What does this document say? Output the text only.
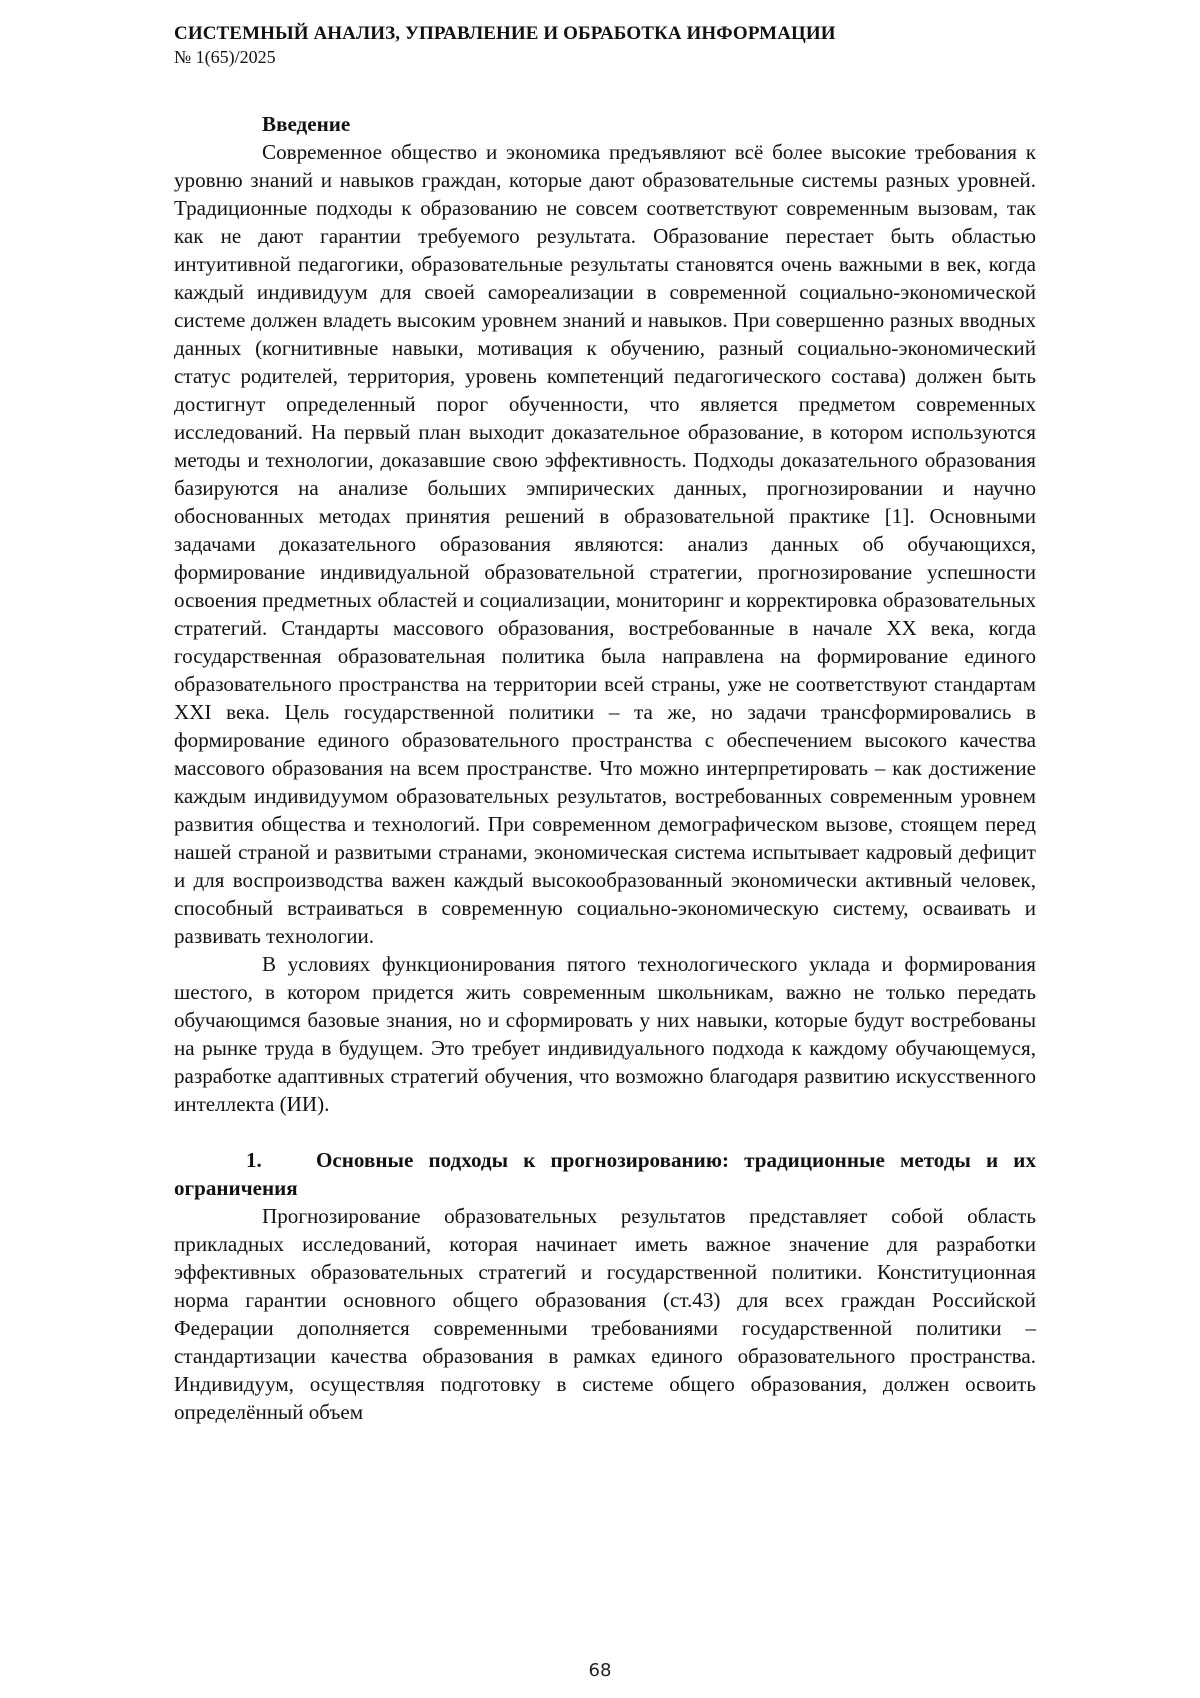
СИСТЕМНЫЙ АНАЛИЗ, УПРАВЛЕНИЕ И ОБРАБОТКА ИНФОРМАЦИИ
№ 1(65)/2025
Введение

Современное общество и экономика предъявляют всё более высокие требования к уровню знаний и навыков граждан, которые дают образовательные системы разных уровней. Традиционные подходы к образованию не совсем соответствуют современным вызовам, так как не дают гарантии требуемого результата. Образование перестает быть областью интуитивной педагогики, образовательные результаты становятся очень важными в век, когда каждый индивидуум для своей самореализации в современной социально-экономической системе должен владеть высоким уровнем знаний и навыков. При совершенно разных вводных данных (когнитивные навыки, мотивация к обучению, разный социально-экономический статус родителей, территория, уровень компетенций педагогического состава) должен быть достигнут определенный порог обученности, что является предметом современных исследований. На первый план выходит доказательное образование, в котором используются методы и технологии, доказавшие свою эффективность. Подходы доказательного образования базируются на анализе больших эмпирических данных, прогнозировании и научно обоснованных методах принятия решений в образовательной практике [1]. Основными задачами доказательного образования являются: анализ данных об обучающихся, формирование индивидуальной образовательной стратегии, прогнозирование успешности освоения предметных областей и социализации, мониторинг и корректировка образовательных стратегий. Стандарты массового образования, востребованные в начале XX века, когда государственная образовательная политика была направлена на формирование единого образовательного пространства на территории всей страны, уже не соответствуют стандартам XXI века. Цель государственной политики – та же, но задачи трансформировались в формирование единого образовательного пространства с обеспечением высокого качества массового образования на всем пространстве. Что можно интерпретировать – как достижение каждым индивидуумом образовательных результатов, востребованных современным уровнем развития общества и технологий. При современном демографическом вызове, стоящем перед нашей страной и развитыми странами, экономическая система испытывает кадровый дефицит и для воспроизводства важен каждый высокообразованный экономически активный человек, способный встраиваться в современную социально-экономическую систему, осваивать и развивать технологии.

В условиях функционирования пятого технологического уклада и формирования шестого, в котором придется жить современным школьникам, важно не только передать обучающимся базовые знания, но и сформировать у них навыки, которые будут востребованы на рынке труда в будущем. Это требует индивидуального подхода к каждому обучающемуся, разработке адаптивных стратегий обучения, что возможно благодаря развитию искусственного интеллекта (ИИ).

1.	Основные подходы к прогнозированию: традиционные методы и их ограничения

Прогнозирование образовательных результатов представляет собой область прикладных исследований, которая начинает иметь важное значение для разработки эффективных образовательных стратегий и государственной политики. Конституционная норма гарантии основного общего образования (ст.43) для всех граждан Российской Федерации дополняется современными требованиями государственной политики – стандартизации качества образования в рамках единого образовательного пространства. Индивидуум, осуществляя подготовку в системе общего образования, должен освоить определённый объем

68
